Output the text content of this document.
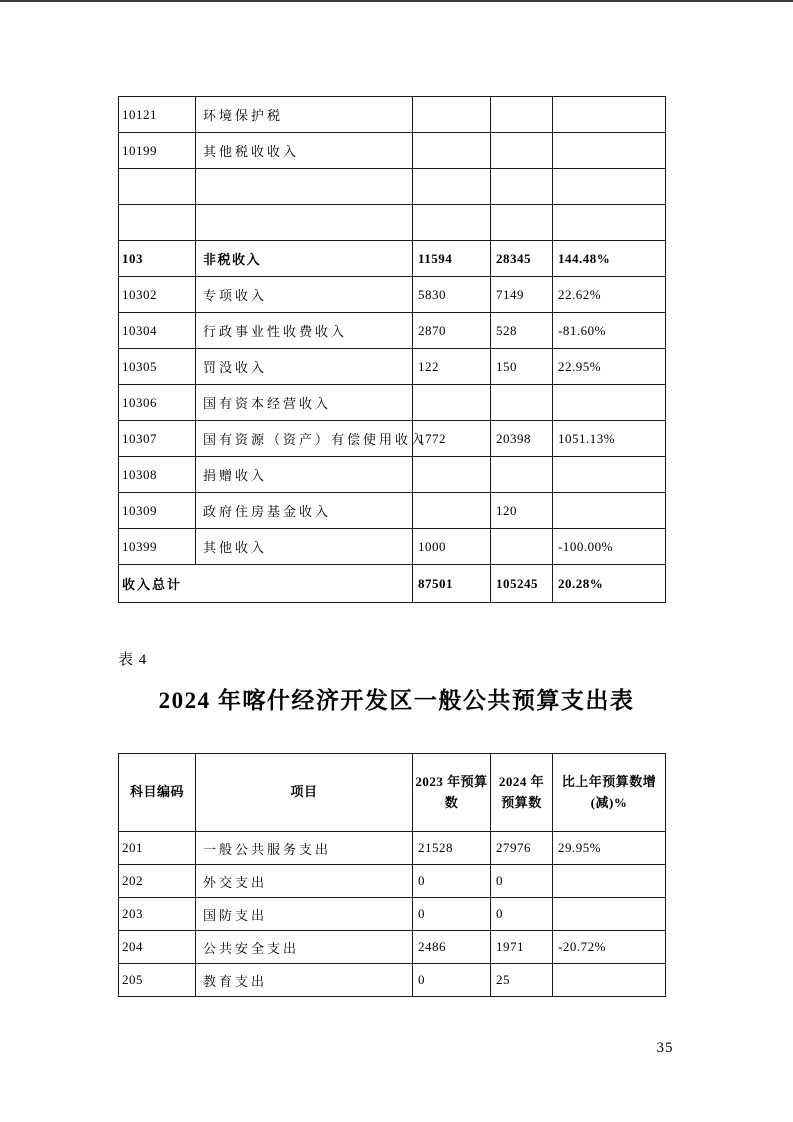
10121	环境保护税			
10199	其他税收收入			

103	非税收入	11594	28345	144.48%
10302	专项收入	5830	7149	22.62%
10304	行政事业性收费收入	2870	528	-81.60%
10305	罚没收入	122	150	22.95%
10306	国有资本经营收入			
10307	国有资源（资产）有偿使用收入	1772	20398	1051.13%
10308	捐赠收入			
10309	政府住房基金收入		120	
10399	其他收入	1000		-100.00%
收入总计		87501	105245	20.28%
表 4
2024 年喀什经济开发区一般公共预算支出表
科目编码	项目	2023 年预算数	2024 年预算数	比上年预算数增(减)%
201	一般公共服务支出	21528	27976	29.95%
202	外交支出	0	0	
203	国防支出	0	0	
204	公共安全支出	2486	1971	-20.72%
205	教育支出	0	25	
35
